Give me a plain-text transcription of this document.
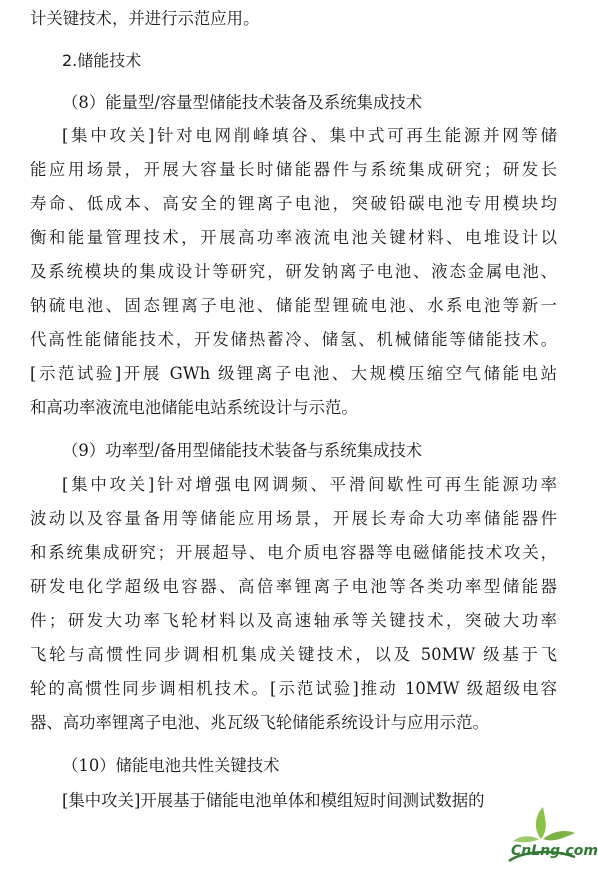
计关键技术，并进行示范应用。
2.储能技术
（8）能量型/容量型储能技术装备及系统集成技术
[集中攻关]针对电网削峰填谷、集中式可再生能源并网等储
能应用场景，开展大容量长时储能器件与系统集成研究；研发长
寿命、低成本、高安全的锂离子电池，突破铅碳电池专用模块均
衡和能量管理技术，开展高功率液流电池关键材料、电堆设计以
及系统模块的集成设计等研究，研发钠离子电池、液态金属电池、
钠硫电池、固态锂离子电池、储能型锂硫电池、水系电池等新一
代高性能储能技术，开发储热蓄冷、储氢、机械储能等储能技术。
[示范试验]开展 GWh 级锂离子电池、大规模压缩空气储能电站
和高功率液流电池储能电站系统设计与示范。
（9）功率型/备用型储能技术装备与系统集成技术
[集中攻关]针对增强电网调频、平滑间歇性可再生能源功率
波动以及容量备用等储能应用场景，开展长寿命大功率储能器件
和系统集成研究；开展超导、电介质电容器等电磁储能技术攻关，
研发电化学超级电容器、高倍率锂离子电池等各类功率型储能器
件；研发大功率飞轮材料以及高速轴承等关键技术，突破大功率
飞轮与高惯性同步调相机集成关键技术，以及 50MW 级基于飞
轮的高惯性同步调相机技术。[示范试验]推动 10MW 级超级电容
器、高功率锂离子电池、兆瓦级飞轮储能系统设计与应用示范。
（10）储能电池共性关键技术
[集中攻关]开展基于储能电池单体和模组短时间测试数据的
CnLng.com
